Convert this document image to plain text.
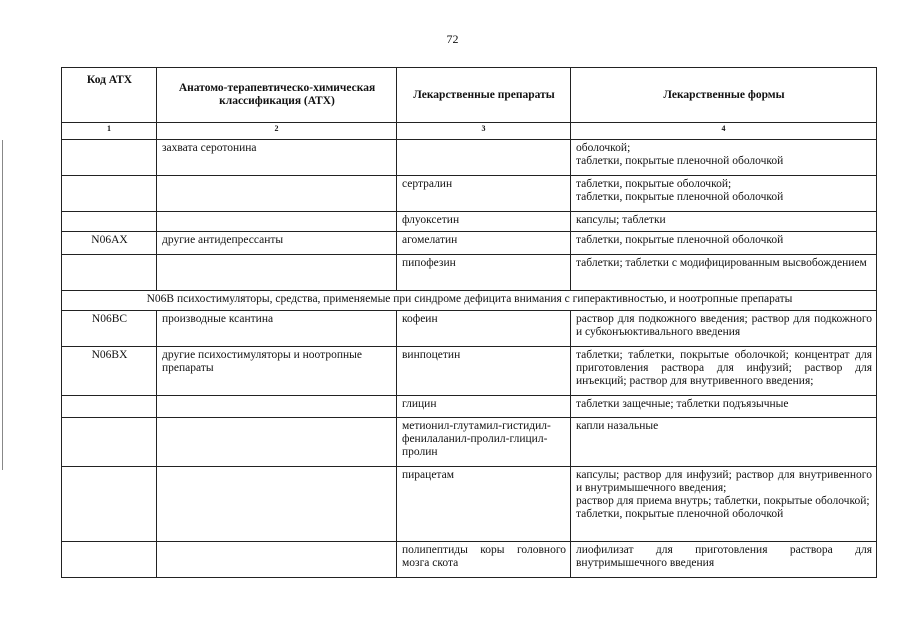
72
Код АТХ	Анатомо-терапевтическо-химическая классификация (АТХ)	Лекарственные препараты	Лекарственные формы
1	2	3	4
	захвата серотонина		оболочкой;
таблетки, покрытые пленочной оболочкой
		сертралин	таблетки, покрытые оболочкой;
таблетки, покрытые пленочной оболочкой
		флуоксетин	капсулы; таблетки
N06AX	другие антидепрессанты	агомелатин	таблетки, покрытые пленочной оболочкой
		пипофезин	таблетки; таблетки с модифицированным высвобождением
N06B психостимуляторы, средства, применяемые при синдроме дефицита внимания с гиперактивностью, и ноотропные препараты			
N06BC	производные ксантина	кофеин	раствор для подкожного введения; раствор для подкожного и субконъюктивального введения
N06BX	другие психостимуляторы и ноотропные препараты	винпоцетин	таблетки; таблетки, покрытые оболочкой; концентрат для приготовления раствора для инфузий; раствор для инъекций; раствор для внутривенного введения;
		глицин	таблетки защечные; таблетки подъязычные
		метионил-глутамил-гистидил-фенилаланил-пролил-глицил-пролин	капли назальные
		пирацетам	капсулы; раствор для инфузий; раствор для внутривенного и внутримышечного введения;
раствор для приема внутрь; таблетки, покрытые оболочкой;
таблетки, покрытые пленочной оболочкой
		полипептиды коры головного мозга скота	лиофилизат для приготовления раствора для внутримышечного введения
